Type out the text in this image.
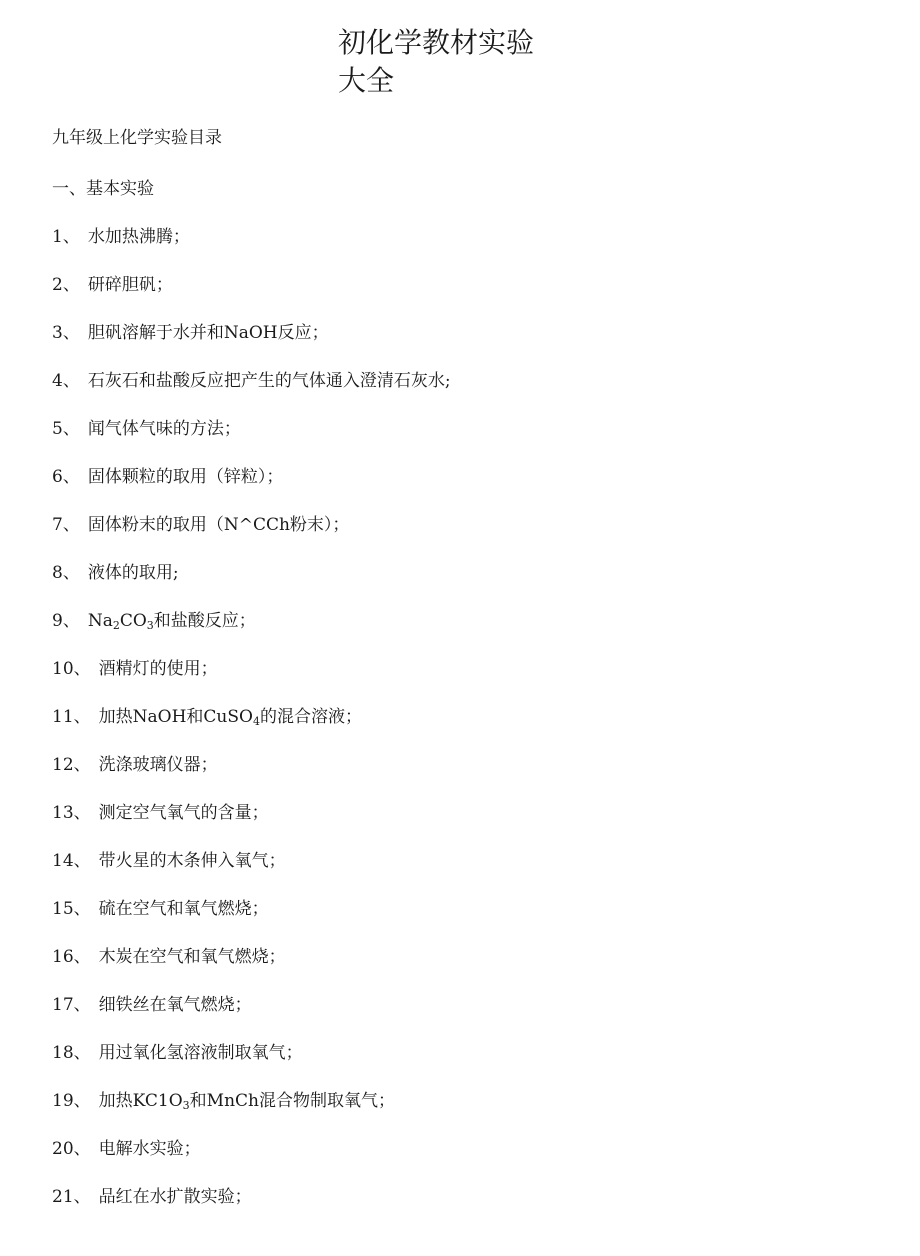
初化学教材实验
大全
九年级上化学实验目录
一、基本实验
1 、 水加热沸腾；
2 、 研碎胆矾；
3 、 胆矾溶解于水并和NaOH反应；
4 、 石灰石和盐酸反应把产生的气体通入澄清石灰水;
5 、 闻气体气味的方法；
6 、 固体颗粒的取用（锌粒）；
7 、 固体粉末的取用（N^CCh粉末）；
8 、 液体的取用;
9 、 $Na_2CO_3$和盐酸反应；
10 、 酒精灯的使用；
11 、 加热NaOH和CuSO$_4$的混合溶液；
12 、 洗涤玻璃仪器；
13 、 测定空气氧气的含量；
14 、 带火星的木条伸入氧气；
15 、 硫在空气和氧气燃烧；
16 、 木炭在空气和氧气燃烧；
17 、 细铁丝在氧气燃烧；
18 、 用过氧化氢溶液制取氧气；
19 、 加热$KC1O_3$和MnCh混合物制取氧气；
20 、 电解水实验；
21 、 品红在水扩散实验；
